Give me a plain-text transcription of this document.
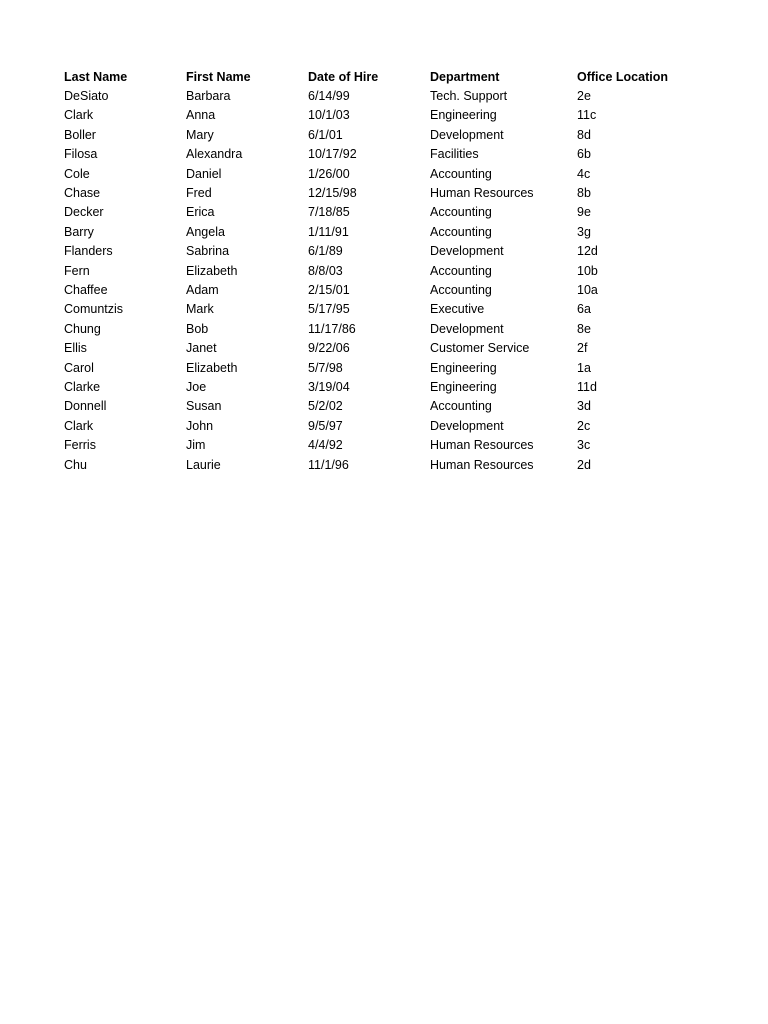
Last Name	First Name	Date of Hire	Department	Office Location
DeSiato	Barbara	6/14/99	Tech. Support	2e
Clark	Anna	10/1/03	Engineering	11c
Boller	Mary	6/1/01	Development	8d
Filosa	Alexandra	10/17/92	Facilities	6b
Cole	Daniel	1/26/00	Accounting	4c
Chase	Fred	12/15/98	Human Resources	8b
Decker	Erica	7/18/85	Accounting	9e
Barry	Angela	1/11/91	Accounting	3g
Flanders	Sabrina	6/1/89	Development	12d
Fern	Elizabeth	8/8/03	Accounting	10b
Chaffee	Adam	2/15/01	Accounting	10a
Comuntzis	Mark	5/17/95	Executive	6a
Chung	Bob	11/17/86	Development	8e
Ellis	Janet	9/22/06	Customer Service	2f
Carol	Elizabeth	5/7/98	Engineering	1a
Clarke	Joe	3/19/04	Engineering	11d
Donnell	Susan	5/2/02	Accounting	3d
Clark	John	9/5/97	Development	2c
Ferris	Jim	4/4/92	Human Resources	3c
Chu	Laurie	11/1/96	Human Resources	2d
